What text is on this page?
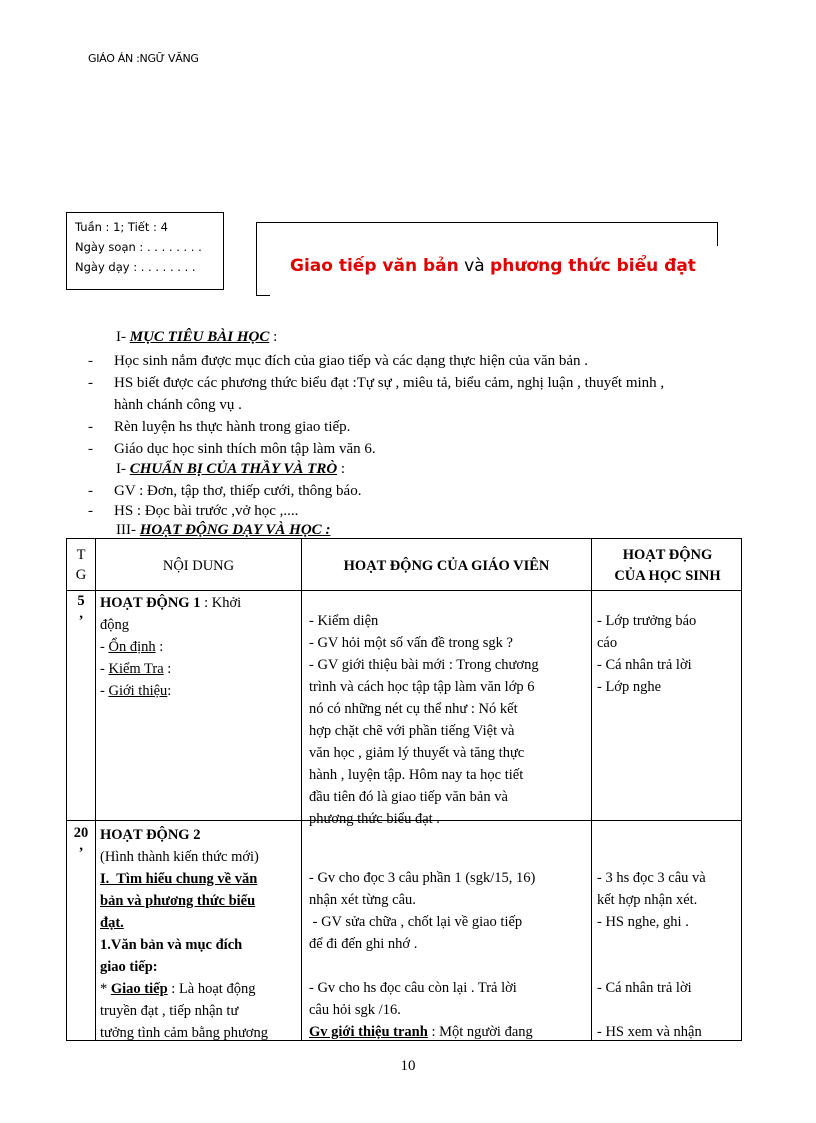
GIÁO ÁN :NGỮ VĂNG
Tuần : 1; Tiết : 4
Ngày soạn : . . . . . . . .
Ngày dạy : . . . . . . . .	Giao tiếp văn bản và phương thức biểu đạt
I- MỤC TIÊU BÀI HỌC :
- Học sinh nắm được mục đích của giao tiếp và các dạng thực hiện của văn bản .
- HS biết được các phương thức biểu đạt :Tự sự , miêu tả, biểu cảm, nghị luận , thuyết minh ,
hành chánh công vụ .
- Rèn luyện hs thực hành trong giao tiếp.
- Giáo dục học sinh thích môn tập làm văn 6.
I- CHUẨN BỊ CỦA THẦY VÀ TRÒ :
- GV : Đơn, tập thơ, thiếp cưới, thông báo.
- HS : Đọc bài trước ,vở học ,....
III- HOẠT ĐỘNG DẠY VÀ HỌC :
T
G
NỘI DUNG	HOẠT ĐỘNG CỦA GIÁO VIÊN
HOẠT ĐỘNG
CỦA HỌC SINH
5
’
HOẠT ĐỘNG 1 : Khởi
động
- Ổn định :
- Kiểm Tra :
- Giới thiệu:
- Kiểm diện
- GV hỏi một số vấn đề trong sgk ?
- GV giới thiệu bài mới : Trong chương
trình và cách học tập tập làm văn lớp 6
nó có những nét cụ thể như : Nó kết
hợp chặt chẽ với phần tiếng Việt và
văn học , giảm lý thuyết và tăng thực
hành , luyện tập. Hôm nay ta học tiết
đầu tiên đó là giao tiếp văn bản và
phương thức biểu đạt .
- Lớp trưởng báo
cáo
- Cá nhân trả lời
- Lớp nghe
20
’
HOẠT ĐỘNG 2
(Hình thành kiến thức mới)
I.  Tìm hiểu chung về văn
bản và phương thức biểu
đạt.
1.Văn bản và mục đích
giao tiếp:
* Giao tiếp : Là hoạt động
truyền đạt , tiếp nhận tư
tưởng tình cảm bằng phương
- Gv cho đọc 3 câu phần 1 (sgk/15, 16)
nhận xét từng câu.
- GV sửa chữa , chốt lại về giao tiếp
để đi đến ghi nhớ .
- Gv cho hs đọc câu còn lại . Trả lời
câu hỏi sgk /16.
Gv giới thiệu tranh : Một người đang
- 3 hs đọc 3 câu và
kết hợp nhận xét.
- HS nghe, ghi .
- Cá nhân trả lời
- HS xem và nhận
10
